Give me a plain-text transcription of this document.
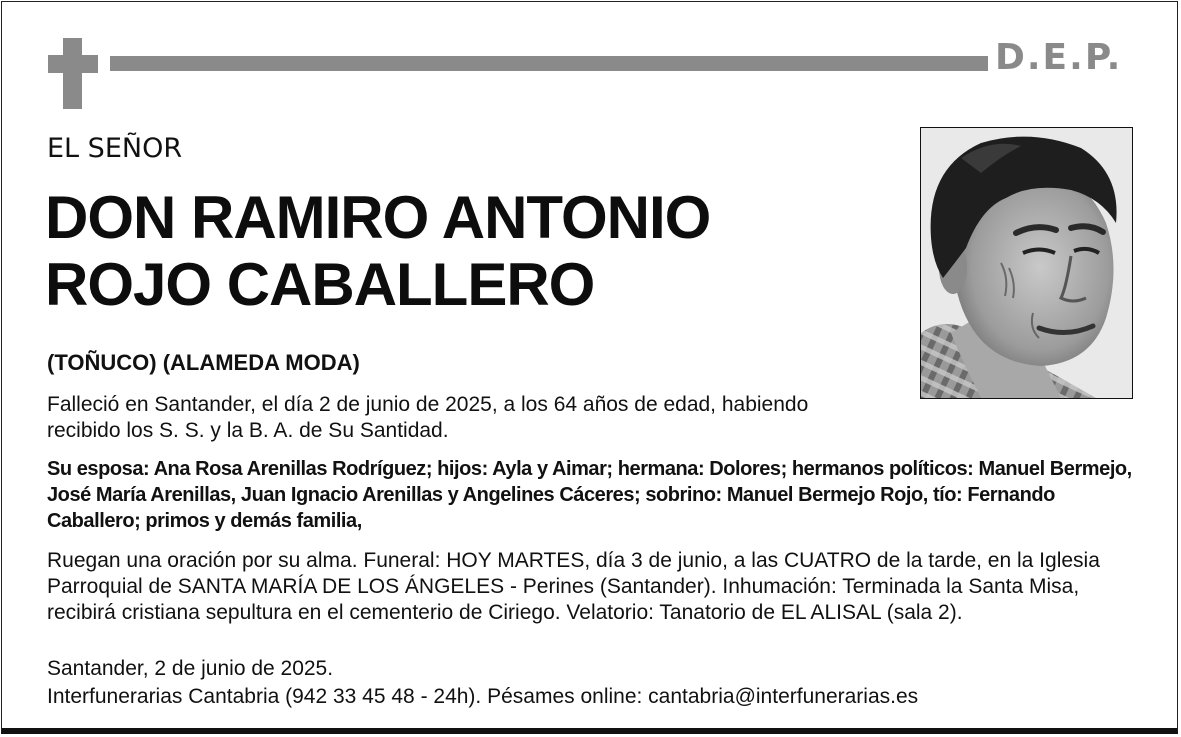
D.E.P.
EL SEÑOR
DON RAMIRO ANTONIO
ROJO CABALLERO
(TOÑUCO) (ALAMEDA MODA)
Falleció en Santander, el día 2 de junio de 2025, a los 64 años de edad, habiendo recibido los S. S. y la B. A. de Su Santidad.
Su esposa: Ana Rosa Arenillas Rodríguez; hijos: Ayla y Aimar; hermana: Dolores; hermanos políticos: Manuel Bermejo, José María Arenillas, Juan Ignacio Arenillas y Angelines Cáceres; sobrino: Manuel Bermejo Rojo, tío: Fernando Caballero; primos y demás familia,
Ruegan una oración por su alma. Funeral: HOY MARTES, día 3 de junio, a las CUATRO de la tarde, en la Iglesia Parroquial de SANTA MARÍA DE LOS ÁNGELES - Perines (Santander). Inhumación: Terminada la Santa Misa, recibirá cristiana sepultura en el cementerio de Ciriego. Velatorio: Tanatorio de EL ALISAL (sala 2).
Santander, 2 de junio de 2025.
Interfunerarias Cantabria (942 33 45 48 - 24h). Pésames online: cantabria@interfunerarias.es
